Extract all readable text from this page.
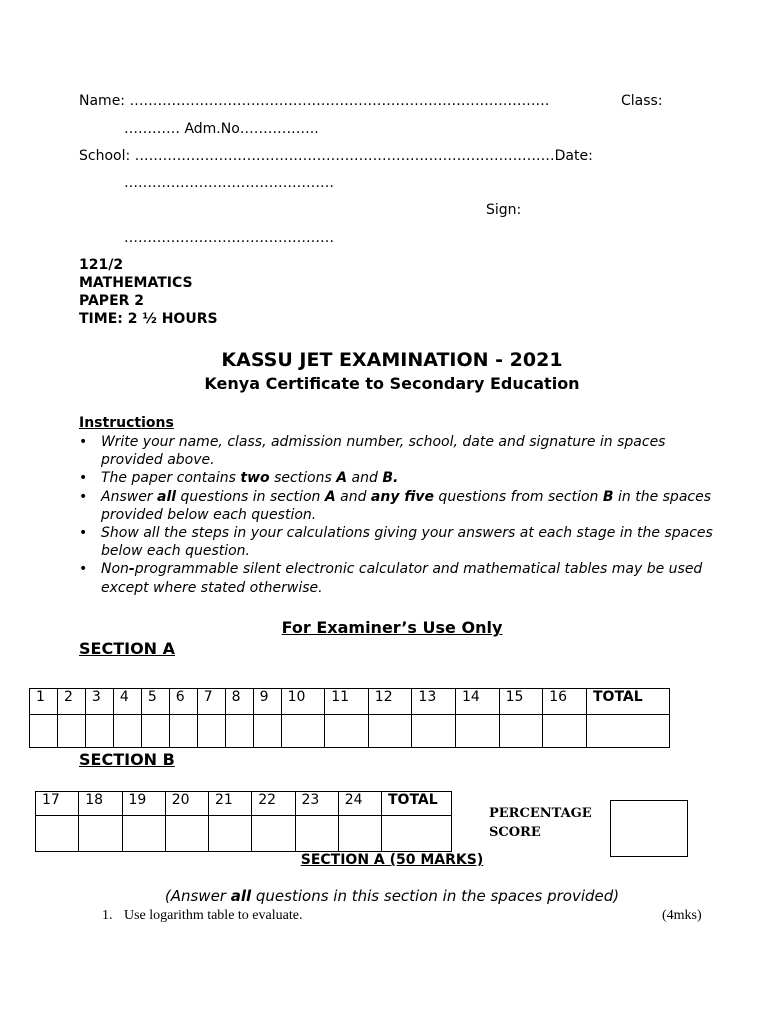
Name: ………………………………………………………………………………	Class:
………… Adm.No……………..
School: ………………………………………………………………………………Date:
………………………………………
Sign:
………………………………………
121/2
MATHEMATICS
PAPER 2
TIME: 2 ½ HOURS
KASSU JET EXAMINATION - 2021
Kenya Certificate to Secondary Education
Instructions
• Write your name, class, admission number, school, date and signature in spaces provided above.
• The paper contains two sections A and B.
• Answer all questions in section A and any five questions from section B in the spaces provided below each question.
• Show all the steps in your calculations giving your answers at each stage in the spaces below each question.
• Non-programmable silent electronic calculator and mathematical tables may be used except where stated otherwise.
For Examiner’s Use Only
SECTION A
1	2	3	4	5	6	7	8	9	10	11	12	13	14	15	16	TOTAL

SECTION B
17	18	19	20	21	22	23	24	TOTAL

PERCENTAGE
SCORE
SECTION A (50 MARKS)
(Answer all questions in this section in the spaces provided)
1. Use logarithm table to evaluate.	(4mks)
